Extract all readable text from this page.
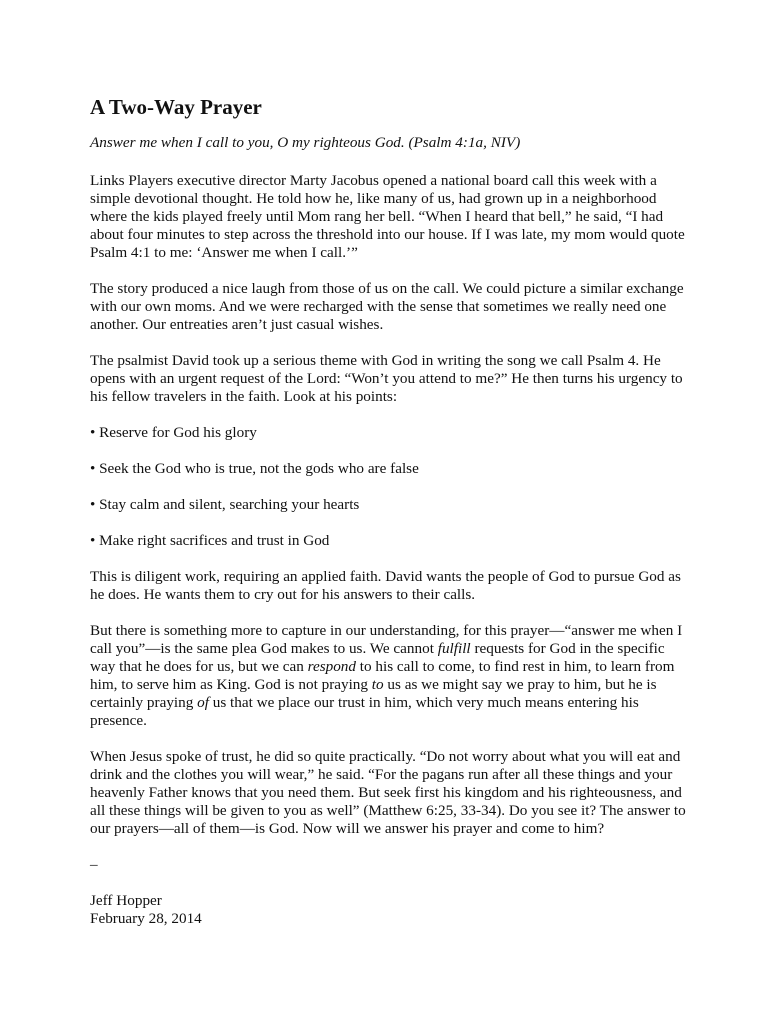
A Two-Way Prayer

Answer me when I call to you, O my righteous God. (Psalm 4:1a, NIV)

Links Players executive director Marty Jacobus opened a national board call this week with a simple devotional thought. He told how he, like many of us, had grown up in a neighborhood where the kids played freely until Mom rang her bell. “When I heard that bell,” he said, “I had about four minutes to step across the threshold into our house. If I was late, my mom would quote Psalm 4:1 to me: ‘Answer me when I call.’”

The story produced a nice laugh from those of us on the call. We could picture a similar exchange with our own moms. And we were recharged with the sense that sometimes we really need one another. Our entreaties aren’t just casual wishes.

The psalmist David took up a serious theme with God in writing the song we call Psalm 4. He opens with an urgent request of the Lord: “Won’t you attend to me?” He then turns his urgency to his fellow travelers in the faith. Look at his points:

• Reserve for God his glory

• Seek the God who is true, not the gods who are false

• Stay calm and silent, searching your hearts

• Make right sacrifices and trust in God

This is diligent work, requiring an applied faith. David wants the people of God to pursue God as he does. He wants them to cry out for his answers to their calls.

But there is something more to capture in our understanding, for this prayer—“answer me when I call you”—is the same plea God makes to us. We cannot fulfill requests for God in the specific way that he does for us, but we can respond to his call to come, to find rest in him, to learn from him, to serve him as King. God is not praying to us as we might say we pray to him, but he is certainly praying of us that we place our trust in him, which very much means entering his presence.

When Jesus spoke of trust, he did so quite practically. “Do not worry about what you will eat and drink and the clothes you will wear,” he said. “For the pagans run after all these things and your heavenly Father knows that you need them. But seek first his kingdom and his righteousness, and all these things will be given to you as well” (Matthew 6:25, 33-34). Do you see it? The answer to our prayers—all of them—is God. Now will we answer his prayer and come to him?

–

Jeff Hopper

February 28, 2014
